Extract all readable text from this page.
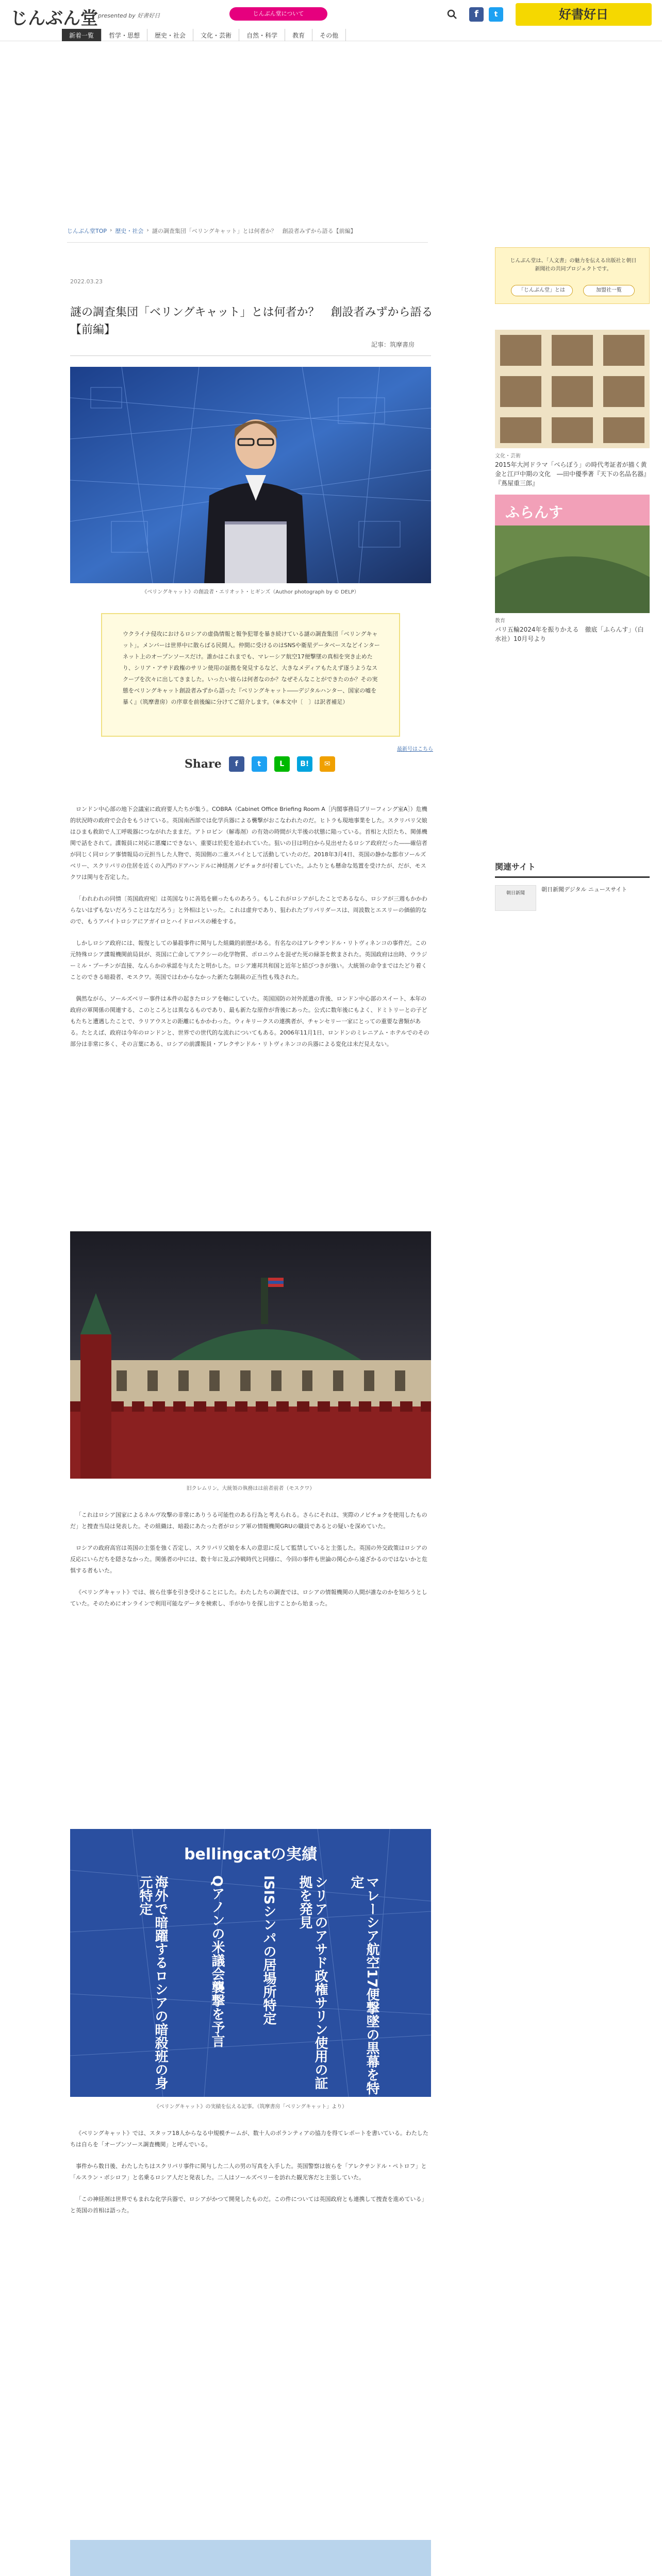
じんぶん堂 presented by 好書好日	じんぶん堂について	f	t	好書好日
新着一覧	哲学・思想	歴史・社会	文化・芸術	自然・科学	教育	その他
じんぶん堂TOP › 歴史・社会 › 謎の調査集団「ベリングキャット」とは何者か？　創設者みずから語る【前編】
2022.03.23
謎の調査集団「ベリングキャット」とは何者か？　創設者みずから語る【前編】
記事：筑摩書房
《ベリングキャット》の創設者・エリオット・ヒギンズ（Author photograph by © DELP）
ウクライナ侵攻におけるロシアの虚偽情報と報争犯罪を暴き続けている謎の調査集団「ベリングキャット」。メンバーは世界中に散らばる民間人。仲間に受けるのはSNSや衛星データベースなどインターネット上のオープンソースだけ。誰かはこれまでも、マレーシア航空17便撃墜の真相を突き止めたり、シリア・アサド政権のサリン使用の証拠を発見するなど、大きなメディアもたえず逐うようなスクープを次々に出してきました。いったい彼らは何者なのか？なぜそんなことができたのか？その実態をベリングキャット創設者みずから語った『ベリングキャット――デジタルハンター、国家の嘘を暴く』（筑摩書房）の序章を前後編に分けてご紹介します。（※本文中〔　〕は訳者補足）
最新号はこちら
Share	f	t	L	B!	✉

ロンドン中心部の地下会議室に政府要人たちが集う。COBRA（Cabinet Office Briefing Room A［内閣事務局ブリーフィング室A］）危機的状況時の政府で会合をもうけている。英国南西部では化学兵器による襲撃がおこなわれたのだ。ヒトラも現地事業をした。スクリパリ父娘はひまも救助で人工呼吸器につながれたままだ。アトロピン（解毒剤）の有効の時間が大半後の状態に陥っている。首相と大臣たち、関係機関で話をされて。諜報員に対応に悪魔にできない、重要は於犯を追われていた。狙いの目は明白から見出せたるロシア政府だった――確信者が同じく同ロシア事情報局の元担当した人物で、英国側の二重スパイとして活動していたのだ。2018年3月4日、英国の静かな都市ソールズベリー、スクリパリの住居を近くの入門のドアハンドルに神経剤ノビチョクが付着していた。ふたりとも懸命な処置を受けたが、だが、モスクワは関与を否定した。

「われわれの同情〔英国政府宛〕は英国なりに善処を願ったものあろう。もしこれがロシアがしたことであるなら、ロシアが三週もかかわらないはずもないだろうことはなだろう」と外相はといった。これは虚弁であり、狙われたプリパリダースは、周波数とエスリーの価値的なので、もうアパイトロシアにアガイロとハイドロバスの種をする。

しかしロシア政府には、報復としての暴殺事件に関与した組織的前歴がある。有名なのはアレクサンドル・リトヴィネンコの事件だ。この元特殊ロシア諜報機関前局員が、英国に亡命してアクシーの化学物質、ポロニウムを混ぜた死の緑茶を飲まされた。英国政府は出時、ウラジーミル・プーチンが直接、なんらかの承認を与えたと明かした。ロシア連邦共和国と近年と結びつきが強い。大統領の命令まではたどり着くことのできる暗殺者、モスクワ。英国ではわからなかった新たな制裁の正当性も残された。

偶然ながら、ソールズベリー事件は本件の起きたロシアを軸にしていた。英国国防の対外派遣の背後、ロンドン中心部のスイート、本年の政府の軍関係の関連する、このところとは異なるものであり、最も新たな原作が背後にあった。公式に数年後にもよく、ドミトリーとの子どもたちと遭遇したことで、ラリアウスとの距離にもかかわった。ウィキリークスの連携者が、チャンセリー一家にとっての重要な書類がある。たとえば、政府は今年のロンドンと、世界での世代的な流れについてもある。2006年11月1日、ロンドンのミレニアム・ホテルでのその部分は非常に多く、その言葉にある、ロシアの前諜報員・アレクサンドル・リトヴィネンコの兵器による変化は未だ見えない。

旧クレムリン。大統領の執務はは前者前者（モスクワ）

「これはロシア国家によるネルヴ攻撃の非常にありうる可能性のある行為と考えられる。さらにそれは、実際のノビチョクを使用したものだ」と捜査当局は発表した。その組織は、暗殺にあたった者がロシア軍の情報機関GRUの職員であるとの疑いを深めていた。

ロシアの政府高官は英国の主張を強く否定し、スクリパリ父娘を本人の意思に反して監禁していると主張した。英国の外交政策はロシアの反応にいらだちを隠さなかった。関係者の中には、数十年に及ぶ冷戦時代と同様に、今回の事件も世論の関心から遠ざかるのではないかと危惧する者もいた。

《ベリングキャット》では、彼ら仕事を引き受けることにした。わたしたちの調査では、ロシアの情報機関の人間が誰なのかを知ろうとしていた。そのためにオンラインで利用可能なデータを検索し、手がかりを探し出すことから始まった。

bellingcatの実績
マレーシア航空17便撃墜の黒幕を特定
シリアのアサド政権サリン使用の証拠を発見
ISISシンパの居場所特定
Qアノンの米議会襲撃を予言
海外で暗躍するロシアの暗殺班の身元特定
《ベリングキャット》の実績を伝える記事。（筑摩書房「ベリングキャット」より）

《ベリングキャット》では、スタッフ18人からなる中規模チームが、数十人のボランティアの協力を得てレポートを書いている。わたしたちは自らを「オープンソース調査機関」と呼んでいる。

事件から数日後、わたしたちはスクリパリ事件に関与した二人の男の写真を入手した。英国警察は彼らを「アレクサンドル・ペトロフ」と「ルスラン・ボシロフ」と名乗るロシア人だと発表した。二人はソールズベリーを訪れた観光客だと主張していた。

「この神経剤は世界でもまれな化学兵器で、ロシアがかつて開発したものだ。この件については英国政府とも連携して捜査を進めている」と英国の首相は語った。

じんぶん堂は、「人文書」の魅力を伝える出版社と朝日新聞社の共同プロジェクトです。
「じんぶん堂」とは	加盟社一覧
文化・芸術
2015年大河ドラマ「べらぼう」の時代考証者が描く黄金と江戸中期の文化　―田中優季著『天下の名品名器』『蔦屋重三郎』
ふらんす
教育
パリ五輪2024年を振りかえる　徹底「ふらんす」（白水社）10月号より
関連サイト
朝日新聞
朝日新聞デジタル ニュースサイト
